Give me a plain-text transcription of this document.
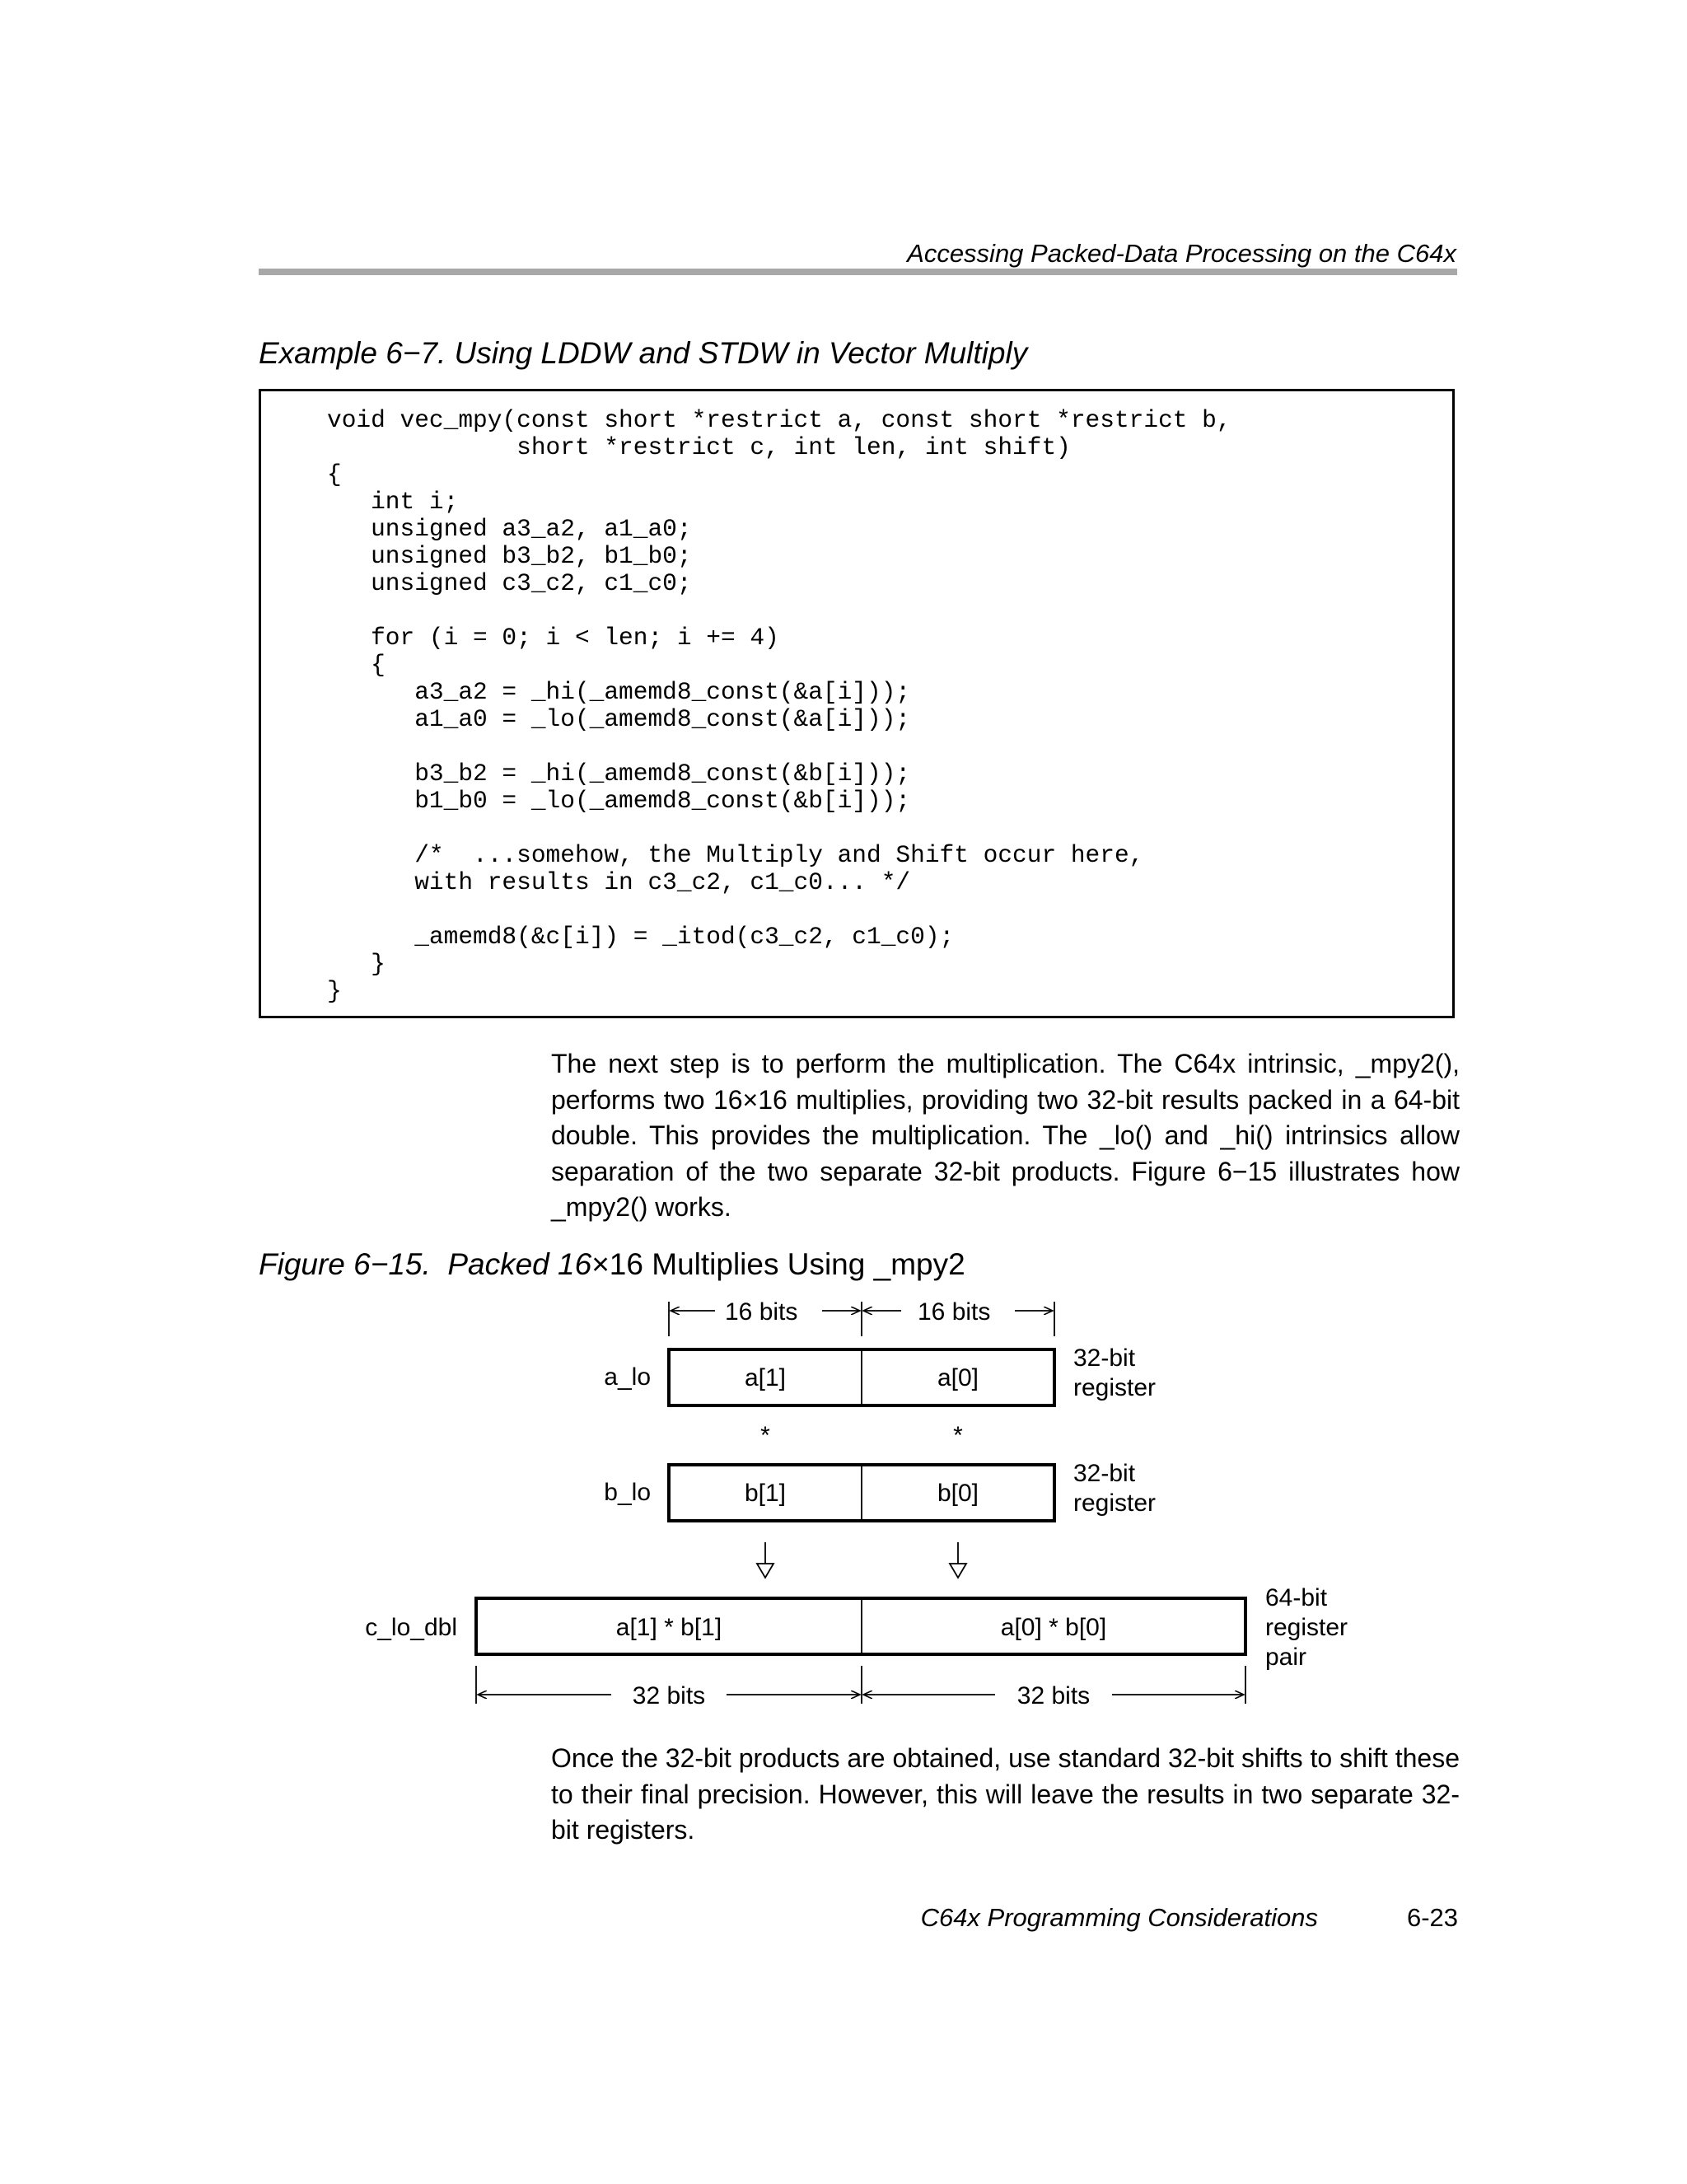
Accessing Packed-Data Processing on the C64x
Example 6−7. Using LDDW and STDW in Vector Multiply
void vec_mpy(const short *restrict a, const short *restrict b,
short *restrict c, int len, int shift)
{
int i;
unsigned a3_a2, a1_a0;
unsigned b3_b2, b1_b0;
unsigned c3_c2, c1_c0;
for (i = 0; i < len; i += 4)
{
a3_a2 = _hi(_amemd8_const(&a[i]));
a1_a0 = _lo(_amemd8_const(&a[i]));
b3_b2 = _hi(_amemd8_const(&b[i]));
b1_b0 = _lo(_amemd8_const(&b[i]));
/*  ...somehow, the Multiply and Shift occur here,
with results in c3_c2, c1_c0... */
_amemd8(&c[i]) = _itod(c3_c2, c1_c0);
}
}

The next step is to perform the multiplication. The C64x intrinsic, _mpy2(), performs two 16×16 multiplies, providing two 32-bit results packed in a 64-bit double. This provides the multiplication. The _lo() and _hi() intrinsics allow separation of the two separate 32-bit products. Figure 6−15 illustrates how _mpy2() works.

Figure 6−15. Packed 16×16 Multiplies Using _mpy2
16 bits	16 bits
a_lo	a[1]	a[0]
32-bit
register
*	*
b_lo	b[1]	b[0]
32-bit
register
c_lo_dbl	a[1] * b[1]	a[0] * b[0]
64-bit
register
pair
32 bits	32 bits

Once the 32-bit products are obtained, use standard 32-bit shifts to shift these to their final precision. However, this will leave the results in two separate 32-bit registers.

C64x Programming Considerations	6-23
